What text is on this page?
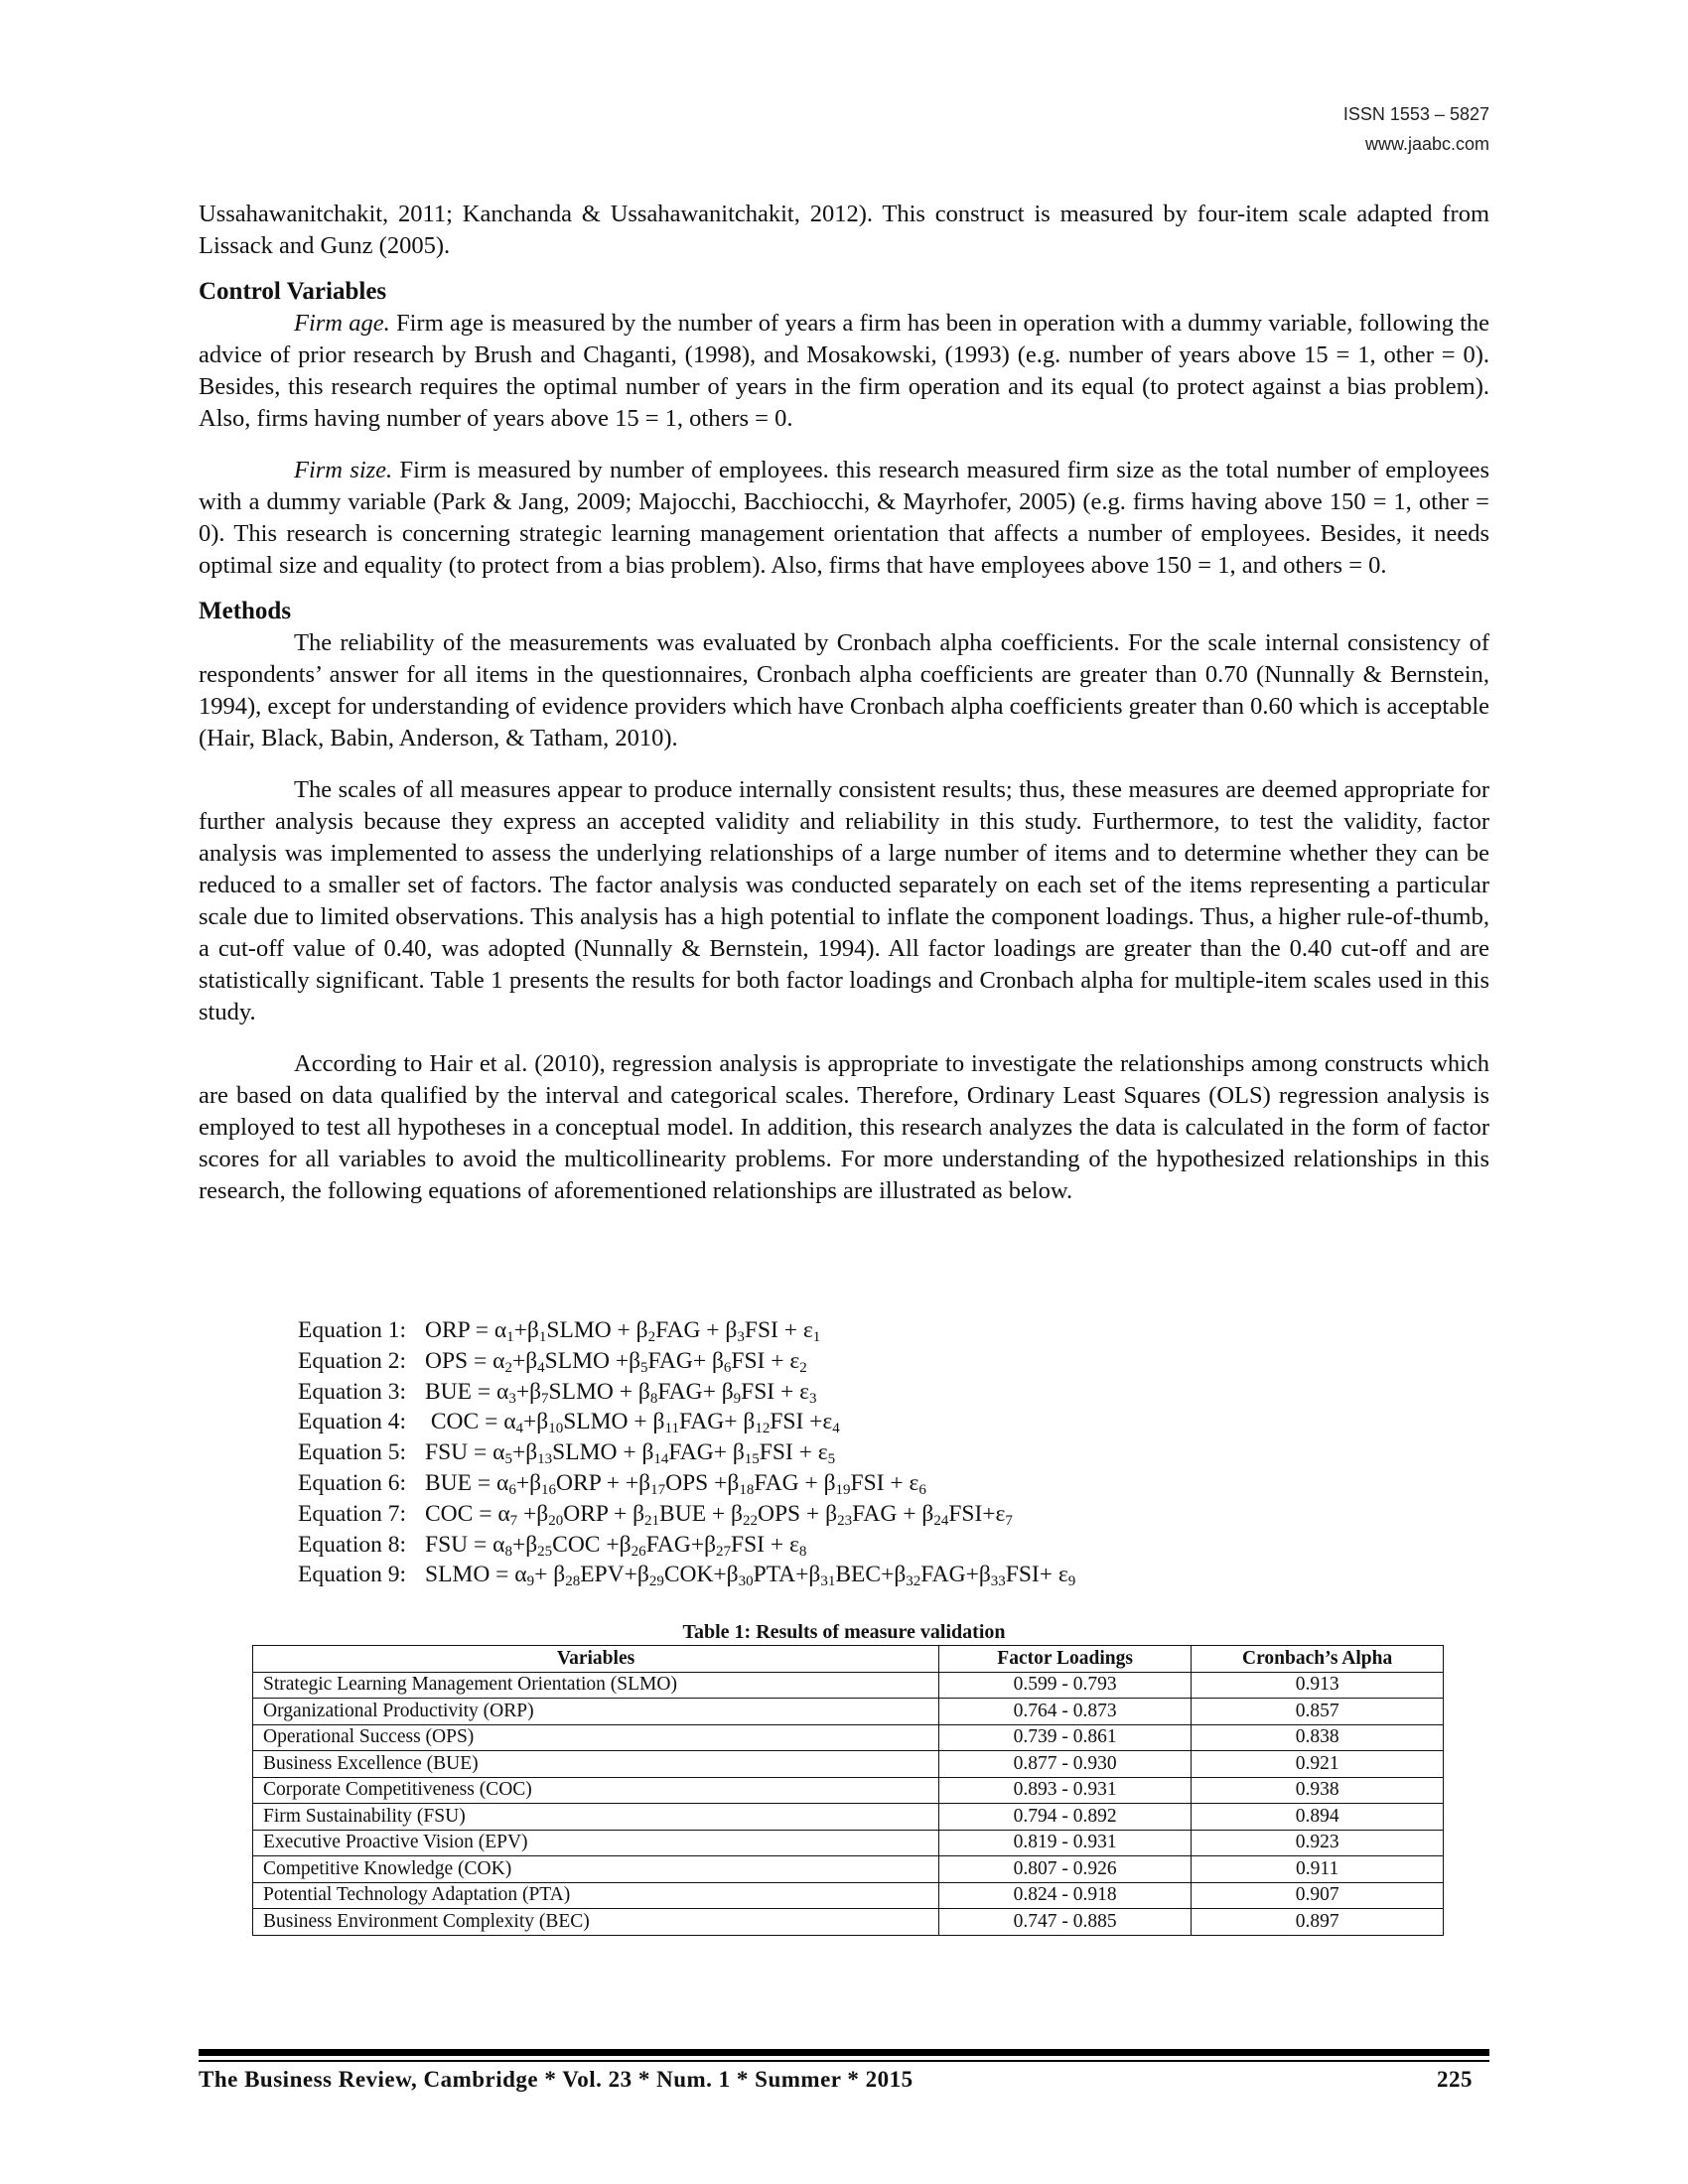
ISSN 1553 – 5827
www.jaabc.com

Ussahawanitchakit, 2011; Kanchanda & Ussahawanitchakit, 2012). This construct is measured by four-item scale adapted from Lissack and Gunz (2005).

Control Variables

Firm age. Firm age is measured by the number of years a firm has been in operation with a dummy variable, following the advice of prior research by Brush and Chaganti, (1998), and Mosakowski, (1993) (e.g. number of years above 15 = 1, other = 0). Besides, this research requires the optimal number of years in the firm operation and its equal (to protect against a bias problem). Also, firms having number of years above 15 = 1, others = 0.

Firm size. Firm is measured by number of employees. this research measured firm size as the total number of employees with a dummy variable (Park & Jang, 2009; Majocchi, Bacchiocchi, & Mayrhofer, 2005) (e.g. firms having above 150 = 1, other = 0). This research is concerning strategic learning management orientation that affects a number of employees. Besides, it needs optimal size and equality (to protect from a bias problem). Also, firms that have employees above 150 = 1, and others = 0.

Methods

The reliability of the measurements was evaluated by Cronbach alpha coefficients. For the scale internal consistency of respondents’ answer for all items in the questionnaires, Cronbach alpha coefficients are greater than 0.70 (Nunnally & Bernstein, 1994), except for understanding of evidence providers which have Cronbach alpha coefficients greater than 0.60 which is acceptable (Hair, Black, Babin, Anderson, & Tatham, 2010).

The scales of all measures appear to produce internally consistent results; thus, these measures are deemed appropriate for further analysis because they express an accepted validity and reliability in this study. Furthermore, to test the validity, factor analysis was implemented to assess the underlying relationships of a large number of items and to determine whether they can be reduced to a smaller set of factors. The factor analysis was conducted separately on each set of the items representing a particular scale due to limited observations. This analysis has a high potential to inflate the component loadings. Thus, a higher rule-of-thumb, a cut-off value of 0.40, was adopted (Nunnally & Bernstein, 1994). All factor loadings are greater than the 0.40 cut-off and are statistically significant. Table 1 presents the results for both factor loadings and Cronbach alpha for multiple-item scales used in this study.

According to Hair et al. (2010), regression analysis is appropriate to investigate the relationships among constructs which are based on data qualified by the interval and categorical scales. Therefore, Ordinary Least Squares (OLS) regression analysis is employed to test all hypotheses in a conceptual model. In addition, this research analyzes the data is calculated in the form of factor scores for all variables to avoid the multicollinearity problems. For more understanding of the hypothesized relationships in this research, the following equations of aforementioned relationships are illustrated as below.

Equation 1: ORP = $\alpha_1+\beta_1SLMO + \beta_2FAG + \beta_3FSI + \varepsilon_1$
Equation 2: OPS = $\alpha_2+\beta_4SLMO +\beta_5FAG+ \beta_6FSI + \varepsilon_2$
Equation 3: BUE = $\alpha_3+\beta_7SLMO + \beta_8FAG+ \beta_9FSI + \varepsilon_3$
Equation 4: COC = $\alpha_4+\beta_{10}SLMO + \beta_{11}FAG+ \beta_{12}FSI +\varepsilon_4$
Equation 5: FSU = $\alpha_5+\beta_{13}SLMO + \beta_{14}FAG+ \beta_{15}FSI + \varepsilon_5$
Equation 6: BUE = $\alpha_6+\beta_{16}ORP + +\beta_{17}OPS +\beta_{18}FAG + \beta_{19}FSI + \varepsilon_6$
Equation 7: COC = $\alpha_7 +\beta_{20}ORP + \beta_{21}BUE + \beta_{22}OPS + \beta_{23}FAG + \beta_{24}FSI+\varepsilon_7$
Equation 8: FSU = $\alpha_8+\beta_{25}COC +\beta_{26}FAG+\beta_{27}FSI + \varepsilon_8$
Equation 9: SLMO = $\alpha_9+ \beta_{28}EPV+\beta_{29}COK+\beta_{30}PTA+\beta_{31}BEC+\beta_{32}FAG+\beta_{33}FSI+ \varepsilon_9$
Table 1: Results of measure validation
Variables	Factor Loadings	Cronbach’s Alpha
Strategic Learning Management Orientation (SLMO)	0.599 - 0.793	0.913
Organizational Productivity (ORP)	0.764 - 0.873	0.857
Operational Success (OPS)	0.739 - 0.861	0.838
Business Excellence (BUE)	0.877 - 0.930	0.921
Corporate Competitiveness (COC)	0.893 - 0.931	0.938
Firm Sustainability (FSU)	0.794 - 0.892	0.894
Executive Proactive Vision (EPV)	0.819 - 0.931	0.923
Competitive Knowledge (COK)	0.807 - 0.926	0.911
Potential Technology Adaptation (PTA)	0.824 - 0.918	0.907
Business Environment Complexity (BEC)	0.747 - 0.885	0.897
The Business Review, Cambridge * Vol. 23 * Num. 1 * Summer * 2015	225
